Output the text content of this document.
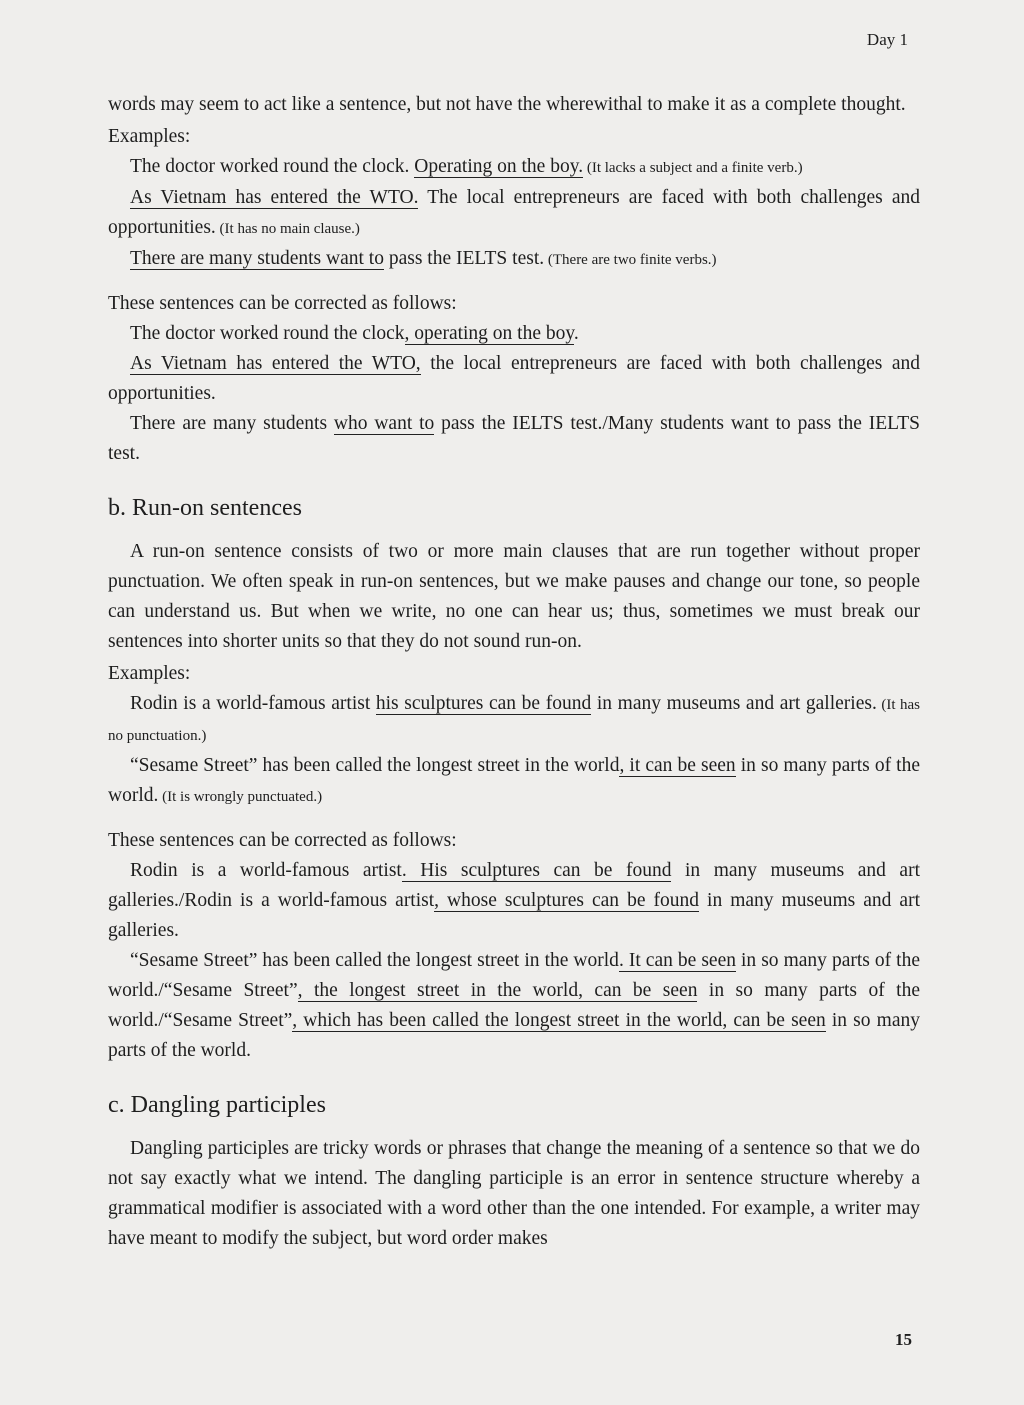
Day 1

words may seem to act like a sentence, but not have the wherewithal to make it as a complete thought.

Examples:

The doctor worked round the clock. Operating on the boy. (It lacks a subject and a finite verb.)

As Vietnam has entered the WTO. The local entrepreneurs are faced with both challenges and opportunities. (It has no main clause.)

There are many students want to pass the IELTS test. (There are two finite verbs.)

These sentences can be corrected as follows:

The doctor worked round the clock, operating on the boy.

As Vietnam has entered the WTO, the local entrepreneurs are faced with both challenges and opportunities.

There are many students who want to pass the IELTS test./Many students want to pass the IELTS test.

b. Run-on sentences

A run-on sentence consists of two or more main clauses that are run together without proper punctuation. We often speak in run-on sentences, but we make pauses and change our tone, so people can understand us. But when we write, no one can hear us; thus, sometimes we must break our sentences into shorter units so that they do not sound run-on.

Examples:

Rodin is a world-famous artist his sculptures can be found in many museums and art galleries. (It has no punctuation.)

“Sesame Street” has been called the longest street in the world, it can be seen in so many parts of the world. (It is wrongly punctuated.)

These sentences can be corrected as follows:

Rodin is a world-famous artist. His sculptures can be found in many museums and art galleries./Rodin is a world-famous artist, whose sculptures can be found in many museums and art galleries.

“Sesame Street” has been called the longest street in the world. It can be seen in so many parts of the world./“Sesame Street”, the longest street in the world, can be seen in so many parts of the world./“Sesame Street”, which has been called the longest street in the world, can be seen in so many parts of the world.

c. Dangling participles

Dangling participles are tricky words or phrases that change the meaning of a sentence so that we do not say exactly what we intend. The dangling participle is an error in sentence structure whereby a grammatical modifier is associated with a word other than the one intended. For example, a writer may have meant to modify the subject, but word order makes

15
